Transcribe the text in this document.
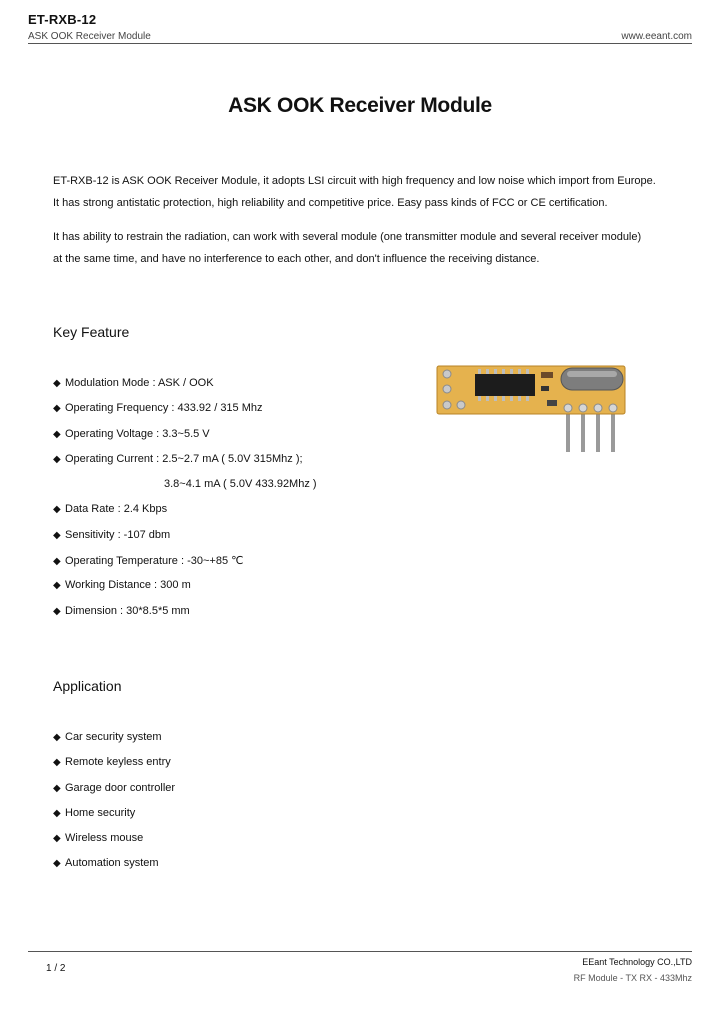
ET-RXB-12
ASK OOK Receiver Module	www.eeant.com
ASK OOK Receiver Module
ET-RXB-12 is ASK OOK Receiver Module, it adopts LSI circuit with high frequency and low noise which import from Europe.
It has strong antistatic protection, high reliability and competitive price. Easy pass kinds of FCC or CE certification.
It has ability to restrain the radiation, can work with several module (one transmitter module and several receiver module)
at the same time, and have no interference to each other, and don't influence the receiving distance.
Key Feature
◆ Modulation Mode : ASK / OOK
◆ Operating Frequency : 433.92 / 315 Mhz
◆ Operating Voltage : 3.3~5.5 V
◆ Operating Current : 2.5~2.7 mA ( 5.0V 315Mhz );
3.8~4.1 mA ( 5.0V 433.92Mhz )
◆ Data Rate : 2.4 Kbps
◆ Sensitivity : -107 dbm
◆ Operating Temperature : -30~+85 ℃
◆ Working Distance : 300 m
◆ Dimension : 30*8.5*5 mm
Application
◆ Car security system
◆ Remote keyless entry
◆ Garage door controller
◆ Home security
◆ Wireless mouse
◆ Automation system
1 / 2
EEant Technology CO.,LTD
RF Module - TX RX - 433Mhz
